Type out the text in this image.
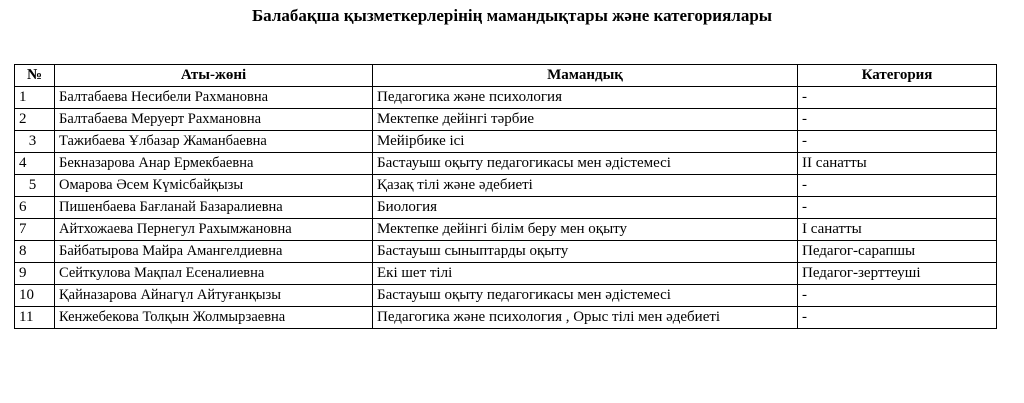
Балабақша қызметкерлерінің мамандықтары және категориялары
№	Аты-жөні	Мамандық	Категория
1	Балтабаева Несибели Рахмановна	Педагогика және психология	-
2	Балтабаева Меруерт Рахмановна	Мектепке дейінгі тәрбие	-
3	Тажибаева Ұлбазар Жаманбаевна	Мейірбике ісі	-
4	Бекназарова Анар Ермекбаевна	Бастауыш оқыту педагогикасы мен әдістемесі	II санатты
5	Омарова Әсем Күмісбайқызы	Қазақ тілі және әдебиеті	-
6	Пишенбаева Бағланай Базаралиевна	Биология	-
7	Айтхожаева Пернегул Рахымжановна	Мектепке дейінгі білім беру мен оқыту	I санатты
8	Байбатырова Майра Амангелдиевна	Бастауыш сыныптарды оқыту	Педагог-сарапшы
9	Сейткулова Мақпал Есеналиевна	Екі шет тілі	Педагог-зерттеуші
10	Қайназарова Айнагүл Айтуғанқызы	Бастауыш оқыту педагогикасы мен әдістемесі	-
11	Кенжебекова Толқын Жолмырзаевна	Педагогика және психология , Орыс тілі мен әдебиеті	-
